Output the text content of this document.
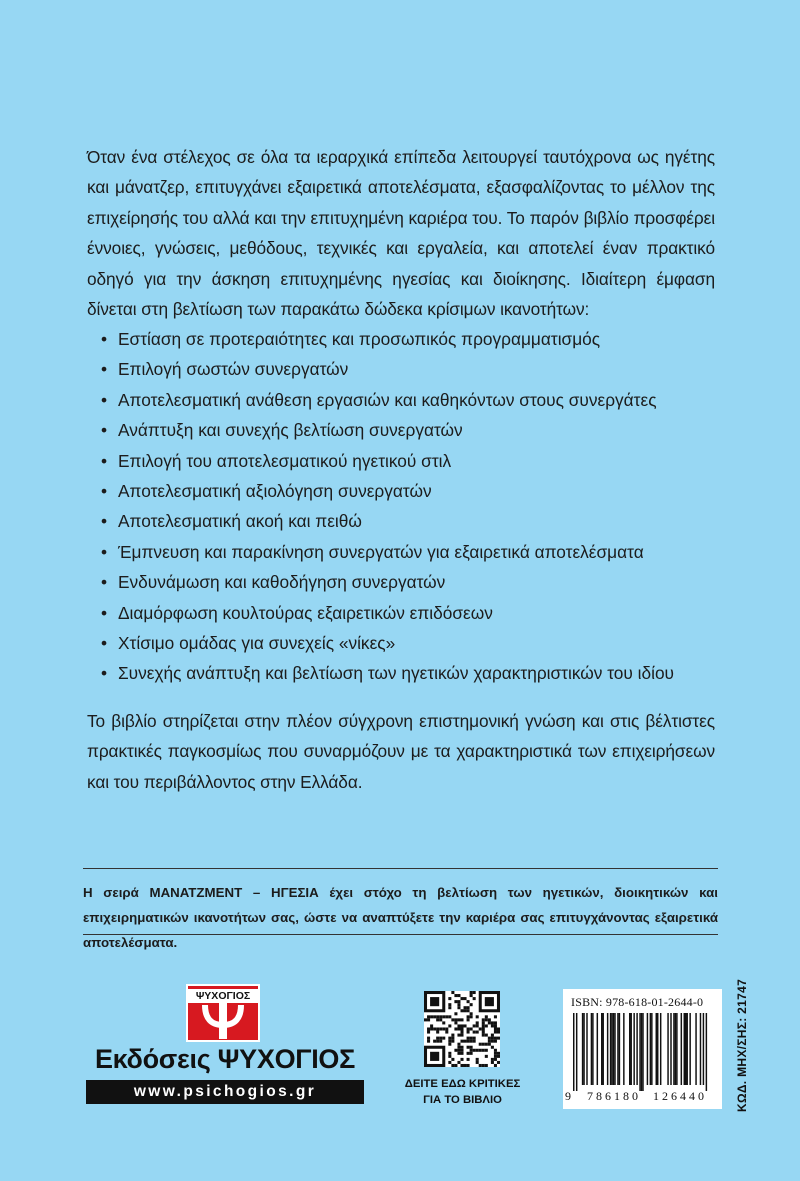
Όταν ένα στέλεχος σε όλα τα ιεραρχικά επίπεδα λειτουργεί ταυτόχρονα ως ηγέτης και μάνατζερ, επιτυγχάνει εξαιρετικά αποτελέσματα, εξασφαλίζοντας το μέλλον της επιχείρησής του αλλά και την επιτυχημένη καριέρα του. Το παρόν βιβλίο προσφέρει έννοιες, γνώσεις, μεθόδους, τεχνικές και εργαλεία, και αποτελεί έναν πρακτικό οδηγό για την άσκηση επιτυχημένης ηγεσίας και διοίκησης. Ιδιαίτερη έμφαση δίνεται στη βελτίωση των παρακάτω δώδεκα κρίσιμων ικανοτήτων:

• Εστίαση σε προτεραιότητες και προσωπικός προγραμματισμός
• Επιλογή σωστών συνεργατών
• Αποτελεσματική ανάθεση εργασιών και καθηκόντων στους συνεργάτες
• Ανάπτυξη και συνεχής βελτίωση συνεργατών
• Επιλογή του αποτελεσματικού ηγετικού στιλ
• Αποτελεσματική αξιολόγηση συνεργατών
• Αποτελεσματική ακοή και πειθώ
• Έμπνευση και παρακίνηση συνεργατών για εξαιρετικά αποτελέσματα
• Ενδυνάμωση και καθοδήγηση συνεργατών
• Διαμόρφωση κουλτούρας εξαιρετικών επιδόσεων
• Χτίσιμο ομάδας για συνεχείς «νίκες»
• Συνεχής ανάπτυξη και βελτίωση των ηγετικών χαρακτηριστικών του ιδίου

Το βιβλίο στηρίζεται στην πλέον σύγχρονη επιστημονική γνώση και στις βέλτιστες πρακτικές παγκοσμίως που συναρμόζουν με τα χαρακτηριστικά των επιχειρήσεων και του περιβάλλοντος στην Ελλάδα.

Η σειρά ΜΑΝΑΤΖΜΕΝΤ – ΗΓΕΣΙΑ έχει στόχο τη βελτίωση των ηγετικών, διοικητικών και επιχειρηματικών ικανοτήτων σας, ώστε να αναπτύξετε την καριέρα σας επιτυγχάνοντας εξαιρετικά αποτελέσματα.

ΨΥΧΟΓΙΟΣ
Εκδόσεις ΨΥΧΟΓΙΟΣ
www.psichogios.gr	ΔΕΙΤΕ ΕΔΩ ΚΡΙΤΙΚΕΣ
ΓΙΑ ΤΟ ΒΙΒΛΙΟ
ISBN: 978-618-01-2644-0
9 786180 126440 ΚΩΔ. ΜΗΧ/ΣΗΣ: 21747
